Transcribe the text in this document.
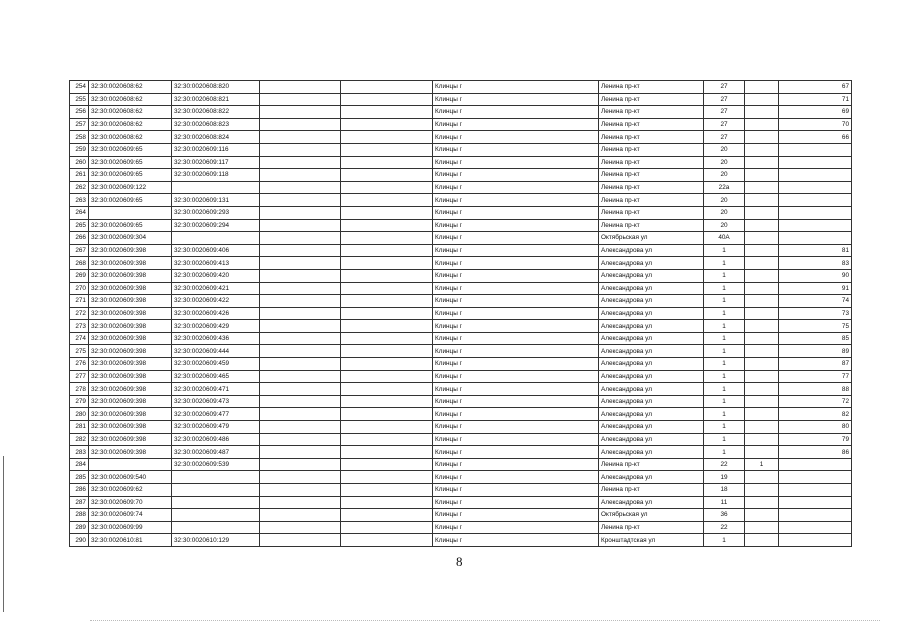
254	32:30:0020608:62	32:30:0020608:820			Клинцы г	Ленина пр-кт	27		67
255	32:30:0020608:62	32:30:0020608:821			Клинцы г	Ленина пр-кт	27		71
256	32:30:0020608:62	32:30:0020608:822			Клинцы г	Ленина пр-кт	27		69
257	32:30:0020608:62	32:30:0020608:823			Клинцы г	Ленина пр-кт	27		70
258	32:30:0020608:62	32:30:0020608:824			Клинцы г	Ленина пр-кт	27		66
259	32:30:0020609:65	32:30:0020609:116			Клинцы г	Ленина пр-кт	20		
260	32:30:0020609:65	32:30:0020609:117			Клинцы г	Ленина пр-кт	20		
261	32:30:0020609:65	32:30:0020609:118			Клинцы г	Ленина пр-кт	20		
262	32:30:0020609:122				Клинцы г	Ленина пр-кт	22а		
263	32:30:0020609:65	32:30:0020609:131			Клинцы г	Ленина пр-кт	20		
264		32:30:0020609:293			Клинцы г	Ленина пр-кт	20		
265	32:30:0020609:65	32:30:0020609:294			Клинцы г	Ленина пр-кт	20		
266	32:30:0020609:304				Клинцы г	Октябрьская ул	40А		
267	32:30:0020609:398	32:30:0020609:406			Клинцы г	Александрова ул	1		81
268	32:30:0020609:398	32:30:0020609:413			Клинцы г	Александрова ул	1		83
269	32:30:0020609:398	32:30:0020609:420			Клинцы г	Александрова ул	1		90
270	32:30:0020609:398	32:30:0020609:421			Клинцы г	Александрова ул	1		91
271	32:30:0020609:398	32:30:0020609:422			Клинцы г	Александрова ул	1		74
272	32:30:0020609:398	32:30:0020609:426			Клинцы г	Александрова ул	1		73
273	32:30:0020609:398	32:30:0020609:429			Клинцы г	Александрова ул	1		75
274	32:30:0020609:398	32:30:0020609:436			Клинцы г	Александрова ул	1		85
275	32:30:0020609:398	32:30:0020609:444			Клинцы г	Александрова ул	1		89
276	32:30:0020609:398	32:30:0020609:459			Клинцы г	Александрова ул	1		87
277	32:30:0020609:398	32:30:0020609:465			Клинцы г	Александрова ул	1		77
278	32:30:0020609:398	32:30:0020609:471			Клинцы г	Александрова ул	1		88
279	32:30:0020609:398	32:30:0020609:473			Клинцы г	Александрова ул	1		72
280	32:30:0020609:398	32:30:0020609:477			Клинцы г	Александрова ул	1		82
281	32:30:0020609:398	32:30:0020609:479			Клинцы г	Александрова ул	1		80
282	32:30:0020609:398	32:30:0020609:486			Клинцы г	Александрова ул	1		79
283	32:30:0020609:398	32:30:0020609:487			Клинцы г	Александрова ул	1		86
284		32:30:0020609:539			Клинцы г	Ленина пр-кт	22	1	
285	32:30:0020609:540				Клинцы г	Александрова ул	19		
286	32:30:0020609:62				Клинцы г	Ленина пр-кт	18		
287	32:30:0020609:70				Клинцы г	Александрова ул	11		
288	32:30:0020609:74				Клинцы г	Октябрьская ул	36		
289	32:30:0020609:99				Клинцы г	Ленина пр-кт	22		
290	32:30:0020610:81	32:30:0020610:129			Клинцы г	Кронштадтская ул	1		
8
